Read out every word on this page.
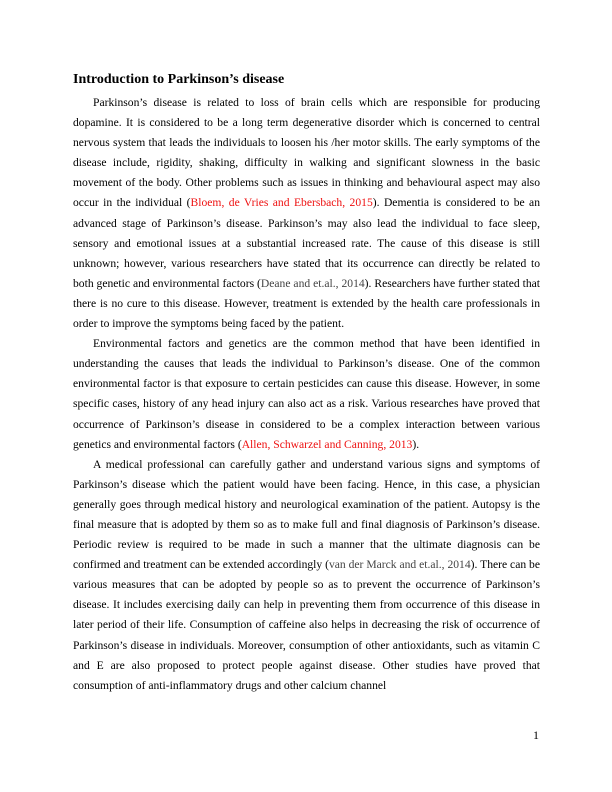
Introduction to Parkinson’s disease

Parkinson’s disease is related to loss of brain cells which are responsible for producing dopamine. It is considered to be a long term degenerative disorder which is concerned to central nervous system that leads the individuals to loosen his /her motor skills. The early symptoms of the disease include, rigidity, shaking, difficulty in walking and significant slowness in the basic movement of the body. Other problems such as issues in thinking and behavioural aspect may also occur in the individual (Bloem, de Vries and Ebersbach, 2015). Dementia is considered to be an advanced stage of Parkinson’s disease. Parkinson’s may also lead the individual to face sleep, sensory and emotional issues at a substantial increased rate. The cause of this disease is still unknown; however, various researchers have stated that its occurrence can directly be related to both genetic and environmental factors (Deane and et.al., 2014). Researchers have further stated that there is no cure to this disease. However, treatment is extended by the health care professionals in order to improve the symptoms being faced by the patient.

Environmental factors and genetics are the common method that have been identified in understanding the causes that leads the individual to Parkinson’s disease. One of the common environmental factor is that exposure to certain pesticides can cause this disease. However, in some specific cases, history of any head injury can also act as a risk. Various researches have proved that occurrence of Parkinson’s disease in considered to be a complex interaction between various genetics and environmental factors (Allen, Schwarzel and Canning, 2013).

A medical professional can carefully gather and understand various signs and symptoms of Parkinson’s disease which the patient would have been facing. Hence, in this case, a physician generally goes through medical history and neurological examination of the patient. Autopsy is the final measure that is adopted by them so as to make full and final diagnosis of Parkinson’s disease. Periodic review is required to be made in such a manner that the ultimate diagnosis can be confirmed and treatment can be extended accordingly (van der Marck and et.al., 2014). There can be various measures that can be adopted by people so as to prevent the occurrence of Parkinson’s disease. It includes exercising daily can help in preventing them from occurrence of this disease in later period of their life. Consumption of caffeine also helps in decreasing the risk of occurrence of Parkinson’s disease in individuals. Moreover, consumption of other antioxidants, such as vitamin C and E are also proposed to protect people against disease. Other studies have proved that consumption of anti-inflammatory drugs and other calcium channel

1
